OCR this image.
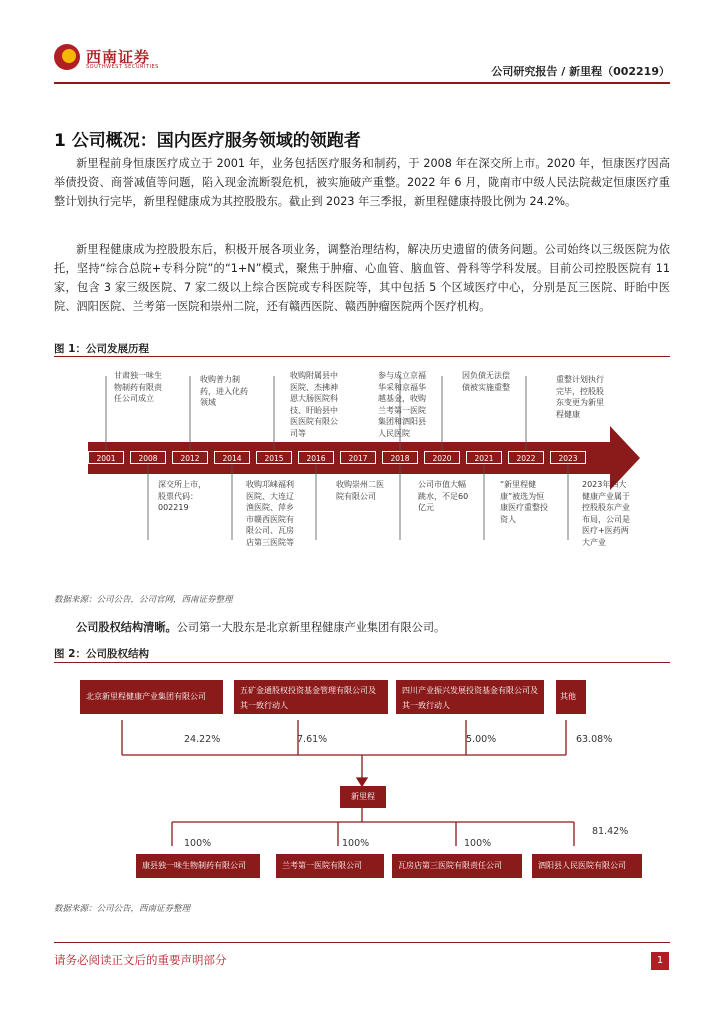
西南证券
SOUTHWEST SECURITIES	公司研究报告 / 新里程（002219）
1 公司概况：国内医疗服务领域的领跑者
新里程前身恒康医疗成立于 2001 年，业务包括医疗服务和制药，于 2008 年在深交所上市。2020 年，恒康医疗因高举债投资、商誉减值等问题，陷入现金流断裂危机，被实施破产重整。2022 年 6 月，陇南市中级人民法院裁定恒康医疗重整计划执行完毕，新里程健康成为其控股股东。截止到 2023 年三季报，新里程健康持股比例为 24.2%。
新里程健康成为控股股东后，积极开展各项业务，调整治理结构，解决历史遗留的债务问题。公司始终以三级医院为依托，坚持“综合总院+专科分院”的“1+N”模式，聚焦于肿瘤、心血管、脑血管、骨科等学科发展。目前公司控股医院有 11 家，包含 3 家三级医院、7 家二级以上综合医院或专科医院等，其中包括 5 个区域医疗中心，分别是瓦三医院、盱眙中医院、泗阳医院、兰考第一医院和崇州二院，还有赣西医院、赣西肿瘤医院两个医疗机构。
图 1：公司发展历程
2001	2008	2012	2014	2015	2016	2017	2018	2020	2021	2022	2023
甘肃独一味生物制药有限责任公司成立
收购普力制药，进入化药领域
收购附属县中医院、杰拂神恩大肠医院科技、盱眙县中医医院有限公司等
参与成立京福华采和京福华越基金，收购兰考第一医院集团和泗阳县人民医院
因负债无法偿债被实施重整
重整计划执行完毕，控股股东变更为新里程健康
深交所上市，股票代码：002219
收购邛崃福利医院、大连辽渔医院、萍乡市赣西医院有限公司、瓦房店第三医院等
收购崇州二医院有限公司
公司市值大幅跳水，不足60亿元
“新里程健康”被选为恒康医疗重整投资人
2023年四大健康产业属于控股股东产业布局，公司是医疗+医药两大产业
数据来源：公司公告，公司官网，西南证券整理
公司股权结构清晰。公司第一大股东是北京新里程健康产业集团有限公司。
图 2：公司股权结构
北京新里程健康产业集团有限公司
五矿金通股权投资基金管理有限公司及其一致行动人
四川产业振兴发展投资基金有限公司及其一致行动人
其他
24.22%	7.61%	5.00%	63.08%
新里程
100%	100%	100%
81.42%
康县独一味生物制药有限公司	兰考第一医院有限公司	瓦房店第三医院有限责任公司	泗阳县人民医院有限公司
数据来源：公司公告，西南证券整理
请务必阅读正文后的重要声明部分	1
